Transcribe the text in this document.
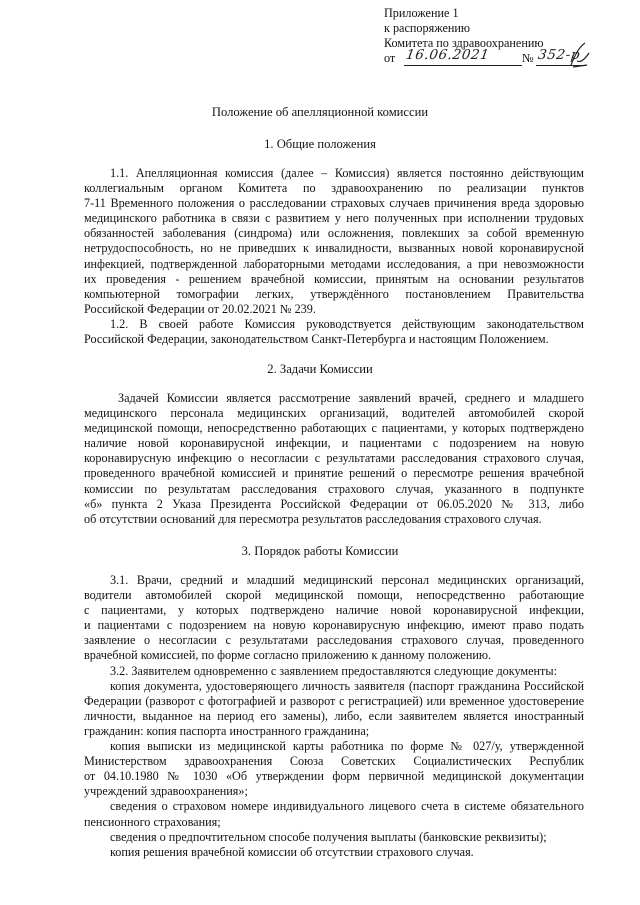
Приложение 1
к распоряжению
Комитета по здравоохранению
от 16.06.2021	№ 352-р
Положение об апелляционной комиссии
1. Общие положения
1.1. Апелляционная комиссия (далее – Комиссия) является постоянно действующим
коллегиальным органом Комитета по здравоохранению по реализации пунктов
7-11 Временного положения о расследовании страховых случаев причинения вреда здоровью
медицинского работника в связи с развитием у него полученных при исполнении трудовых
обязанностей заболевания (синдрома) или осложнения, повлекших за собой временную
нетрудоспособность, но не приведших к инвалидности, вызванных новой коронавирусной
инфекцией, подтвержденной лабораторными методами исследования, а при невозможности
их проведения - решением врачебной комиссии, принятым на основании результатов
компьютерной томографии легких, утверждённого постановлением Правительства
Российской Федерации от 20.02.2021 № 239.
1.2. В своей работе Комиссия руководствуется действующим законодательством
Российской Федерации, законодательством Санкт-Петербурга и настоящим Положением.
2. Задачи Комиссии
Задачей Комиссии является рассмотрение заявлений врачей, среднего и младшего
медицинского персонала медицинских организаций, водителей автомобилей скорой
медицинской помощи, непосредственно работающих с пациентами, у которых подтверждено
наличие новой коронавирусной инфекции, и пациентами с подозрением на новую
коронавирусную инфекцию о несогласии с результатами расследования страхового случая,
проведенного врачебной комиссией и принятие решений о пересмотре решения врачебной
комиссии по результатам расследования страхового случая, указанного в подпункте
«б» пункта 2 Указа Президента Российской Федерации от 06.05.2020 № 313, либо
об отсутствии оснований для пересмотра результатов расследования страхового случая.
3. Порядок работы Комиссии
3.1. Врачи, средний и младший медицинский персонал медицинских организаций,
водители автомобилей скорой медицинской помощи, непосредственно работающие
с пациентами, у которых подтверждено наличие новой коронавирусной инфекции,
и пациентами с подозрением на новую коронавирусную инфекцию, имеют право подать
заявление о несогласии с результатами расследования страхового случая, проведенного
врачебной комиссией, по форме согласно приложению к данному положению.
3.2. Заявителем одновременно с заявлением предоставляются следующие документы:
копия документа, удостоверяющего личность заявителя (паспорт гражданина Российской
Федерации (разворот с фотографией и разворот с регистрацией) или временное удостоверение
личности, выданное на период его замены), либо, если заявителем является иностранный
гражданин: копия паспорта иностранного гражданина;
копия выписки из медицинской карты работника по форме № 027/у, утвержденной
Министерством здравоохранения Союза Советских Социалистических Республик
от 04.10.1980 № 1030 «Об утверждении форм первичной медицинской документации
учреждений здравоохранения»;
сведения о страховом номере индивидуального лицевого счета в системе обязательного
пенсионного страхования;
сведения о предпочтительном способе получения выплаты (банковские реквизиты);
копия решения врачебной комиссии об отсутствии страхового случая.
